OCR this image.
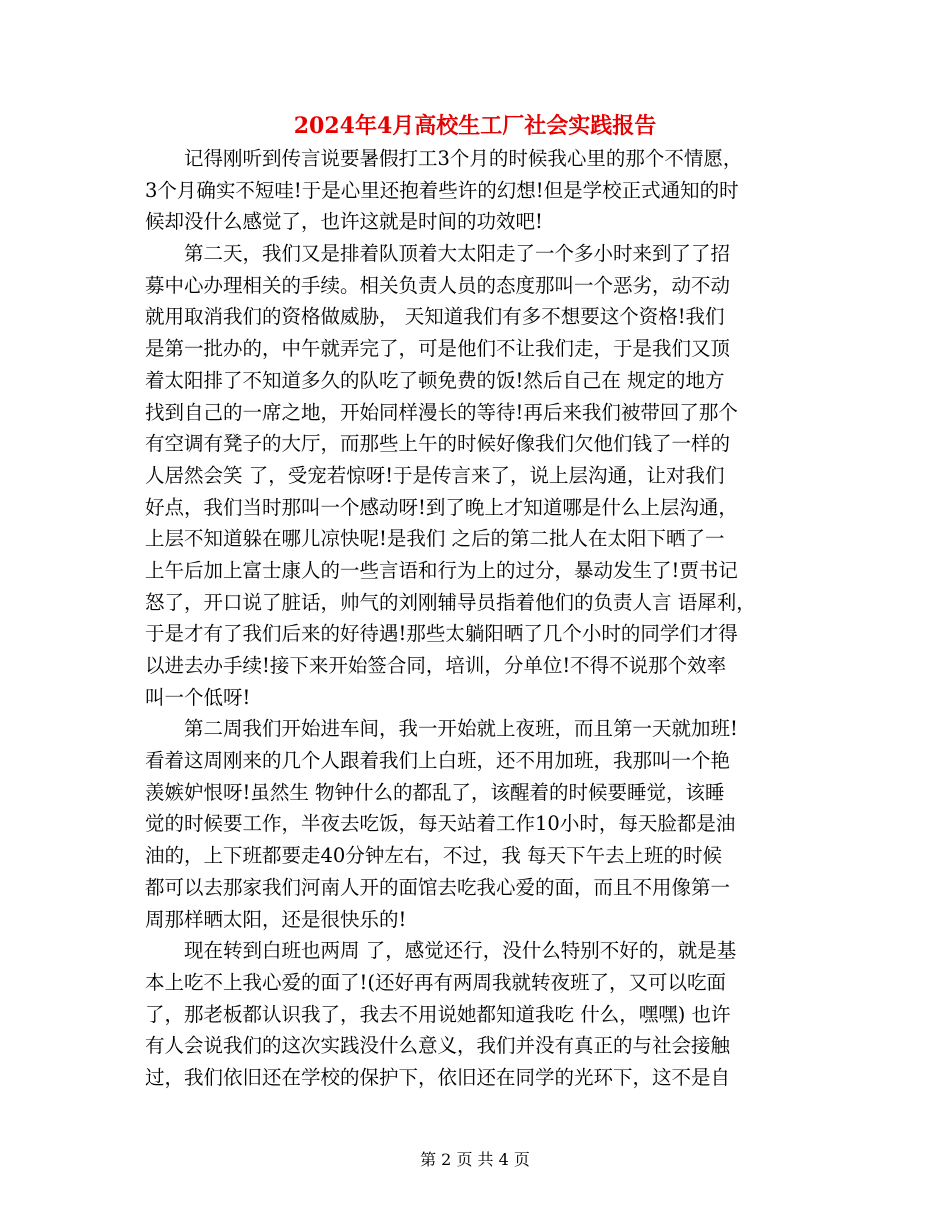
2024年4月高校生工厂社会实践报告
记得刚听到传言说要暑假打工3个月的时候我心里的那个不情愿，
3个月确实不短哇!于是心里还抱着些许的幻想!但是学校正式通知的时
候却没什么感觉了，也许这就是时间的功效吧!
第二天，我们又是排着队顶着大太阳走了一个多小时来到了了招
募中心办理相关的手续。相关负责人员的态度那叫一个恶劣，动不动
就用取消我们的资格做威胁， 天知道我们有多不想要这个资格!我们
是第一批办的，中午就弄完了，可是他们不让我们走，于是我们又顶
着太阳排了不知道多久的队吃了顿免费的饭!然后自己在 规定的地方
找到自己的一席之地，开始同样漫长的等待!再后来我们被带回了那个
有空调有凳子的大厅，而那些上午的时候好像我们欠他们钱了一样的
人居然会笑 了，受宠若惊呀!于是传言来了，说上层沟通，让对我们
好点，我们当时那叫一个感动呀!到了晚上才知道哪是什么上层沟通，
上层不知道躲在哪儿凉快呢!是我们 之后的第二批人在太阳下晒了一
上午后加上富士康人的一些言语和行为上的过分，暴动发生了!贾书记
怒了，开口说了脏话，帅气的刘刚辅导员指着他们的负责人言 语犀利，
于是才有了我们后来的好待遇!那些太躺阳晒了几个小时的同学们才得
以进去办手续!接下来开始签合同，培训，分单位!不得不说那个效率
叫一个低呀!
第二周我们开始进车间，我一开始就上夜班，而且第一天就加班!
看着这周刚来的几个人跟着我们上白班，还不用加班，我那叫一个艳
羡嫉妒恨呀!虽然生 物钟什么的都乱了，该醒着的时候要睡觉，该睡
觉的时候要工作，半夜去吃饭，每天站着工作10小时，每天脸都是油
油的，上下班都要走40分钟左右，不过，我 每天下午去上班的时候
都可以去那家我们河南人开的面馆去吃我心爱的面，而且不用像第一
周那样晒太阳，还是很快乐的!
现在转到白班也两周 了，感觉还行，没什么特别不好的，就是基
本上吃不上我心爱的面了!(还好再有两周我就转夜班了，又可以吃面
了，那老板都认识我了，我去不用说她都知道我吃 什么，嘿嘿) 也许
有人会说我们的这次实践没什么意义，我们并没有真正的与社会接触
过，我们依旧还在学校的保护下，依旧还在同学的光环下，这不是自
第 2 页 共 4 页
